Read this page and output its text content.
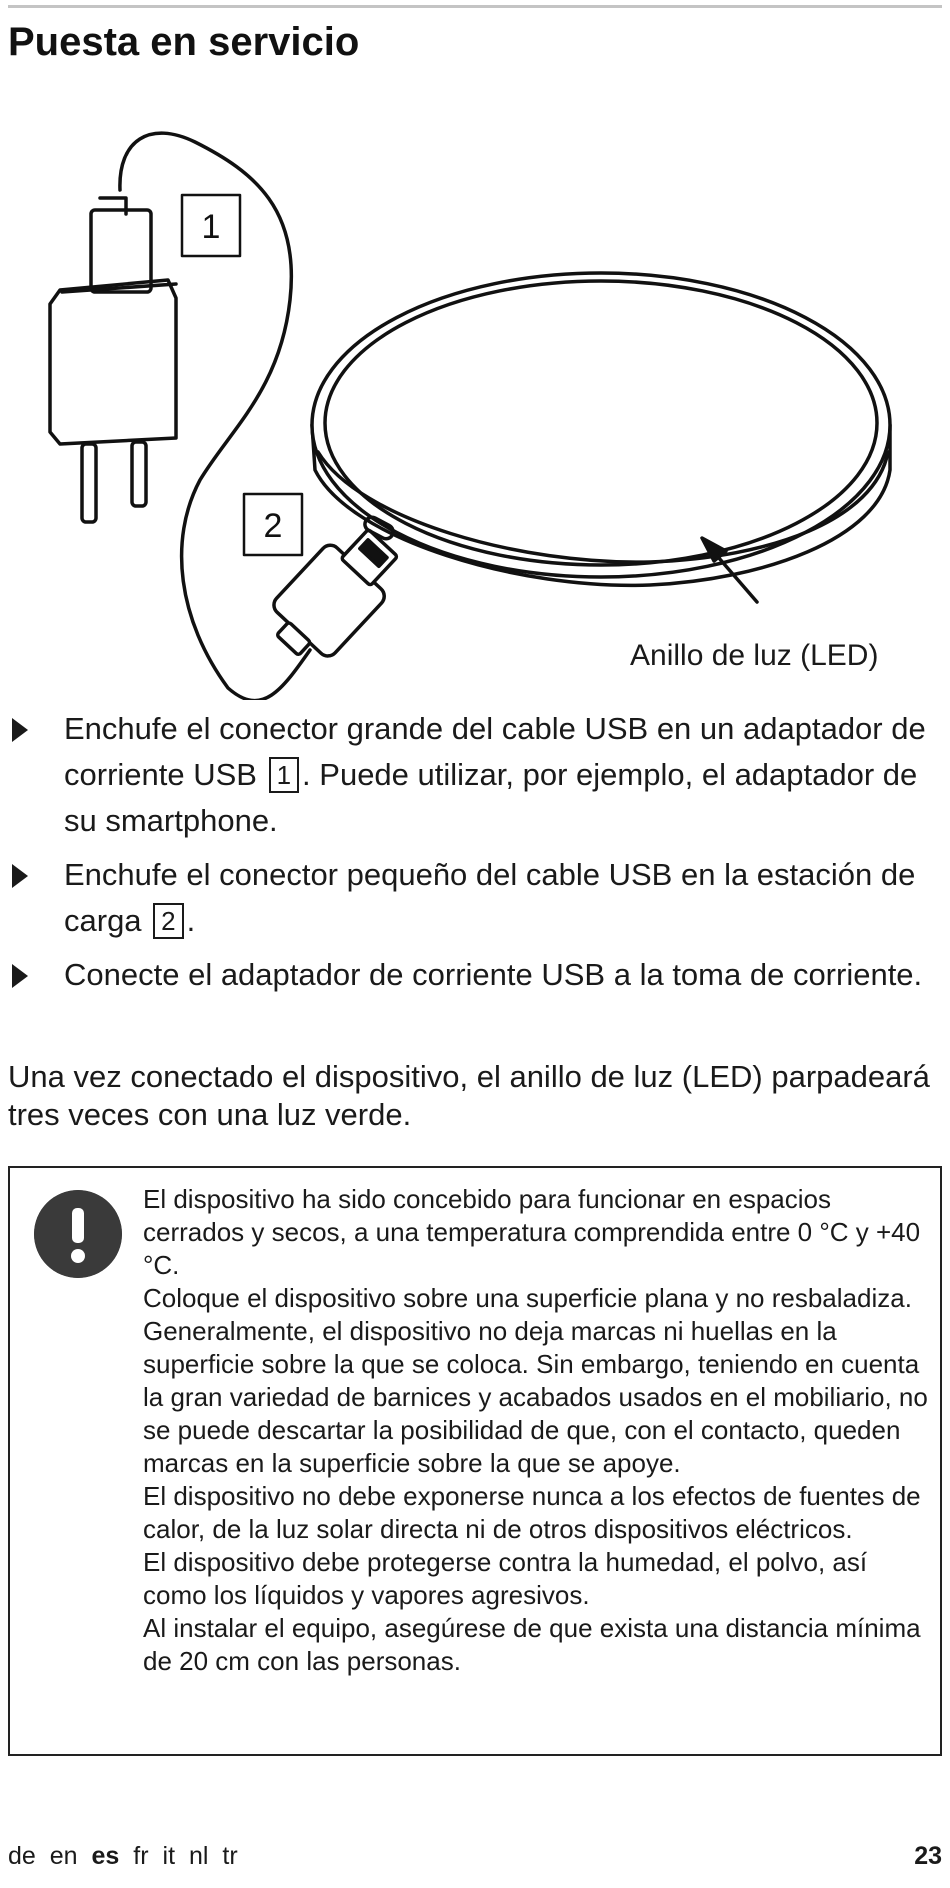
Puesta en servicio
1
2
Anillo de luz (LED)
Enchufe el conector grande del cable USB en un adaptador de corriente USB 1 . Puede utilizar, por ejemplo, el adaptador de su smartphone.
Enchufe el conector pequeño del cable USB en la estación de carga 2 .
Conecte el adaptador de corriente USB a la toma de corriente.

Una vez conectado el dispositivo, el anillo de luz (LED) parpadeará tres veces con una luz verde.

El dispositivo ha sido concebido para funcionar en espacios cerrados y secos, a una temperatura comprendida entre 0 °C y +40 °C.

Coloque el dispositivo sobre una superficie plana y no resbaladiza. Generalmente, el dispositivo no deja marcas ni huellas en la superficie sobre la que se coloca. Sin embargo, teniendo en cuenta la gran variedad de barnices y acabados usados en el mobiliario, no se puede descartar la posibilidad de que, con el contacto, queden marcas en la superficie sobre la que se apoye.

El dispositivo no debe exponerse nunca a los efectos de fuentes de calor, de la luz solar directa ni de otros dispositivos eléctricos.

El dispositivo debe protegerse contra la humedad, el polvo, así como los líquidos y vapores agresivos.

Al instalar el equipo, asegúrese de que exista una distancia mínima de 20 cm con las personas.

de en es fr it nl tr	23
